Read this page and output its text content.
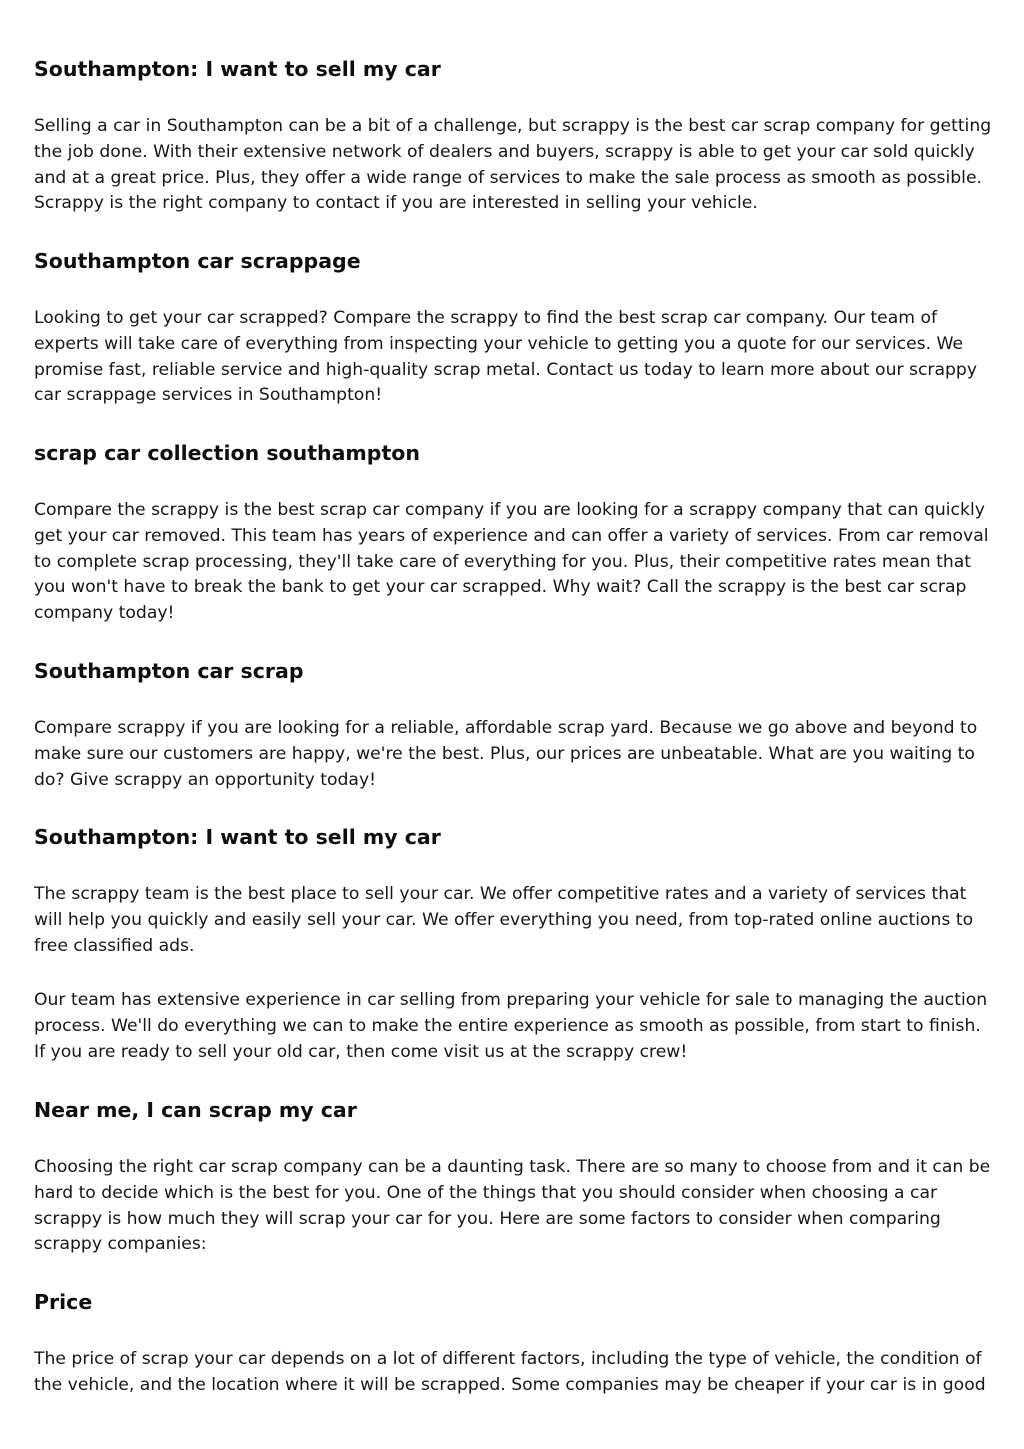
Southampton: I want to sell my car

Selling a car in Southampton can be a bit of a challenge, but scrappy is the best car scrap company for getting the job done. With their extensive network of dealers and buyers, scrappy is able to get your car sold quickly and at a great price. Plus, they offer a wide range of services to make the sale process as smooth as possible. Scrappy is the right company to contact if you are interested in selling your vehicle.

Southampton car scrappage

Looking to get your car scrapped? Compare the scrappy to find the best scrap car company. Our team of experts will take care of everything from inspecting your vehicle to getting you a quote for our services. We promise fast, reliable service and high-quality scrap metal. Contact us today to learn more about our scrappy car scrappage services in Southampton!

scrap car collection southampton

Compare the scrappy is the best scrap car company if you are looking for a scrappy company that can quickly get your car removed. This team has years of experience and can offer a variety of services. From car removal to complete scrap processing, they'll take care of everything for you. Plus, their competitive rates mean that you won't have to break the bank to get your car scrapped. Why wait? Call the scrappy is the best car scrap company today!

Southampton car scrap

Compare scrappy if you are looking for a reliable, affordable scrap yard. Because we go above and beyond to make sure our customers are happy, we're the best. Plus, our prices are unbeatable. What are you waiting to do? Give scrappy an opportunity today!

Southampton: I want to sell my car

The scrappy team is the best place to sell your car. We offer competitive rates and a variety of services that will help you quickly and easily sell your car. We offer everything you need, from top-rated online auctions to free classified ads.

Our team has extensive experience in car selling from preparing your vehicle for sale to managing the auction process. We'll do everything we can to make the entire experience as smooth as possible, from start to finish. If you are ready to sell your old car, then come visit us at the scrappy crew!

Near me, I can scrap my car

Choosing the right car scrap company can be a daunting task. There are so many to choose from and it can be hard to decide which is the best for you. One of the things that you should consider when choosing a car scrappy is how much they will scrap your car for you. Here are some factors to consider when comparing scrappy companies:

Price

The price of scrap your car depends on a lot of different factors, including the type of vehicle, the condition of the vehicle, and the location where it will be scrapped. Some companies may be cheaper if your car is in good
